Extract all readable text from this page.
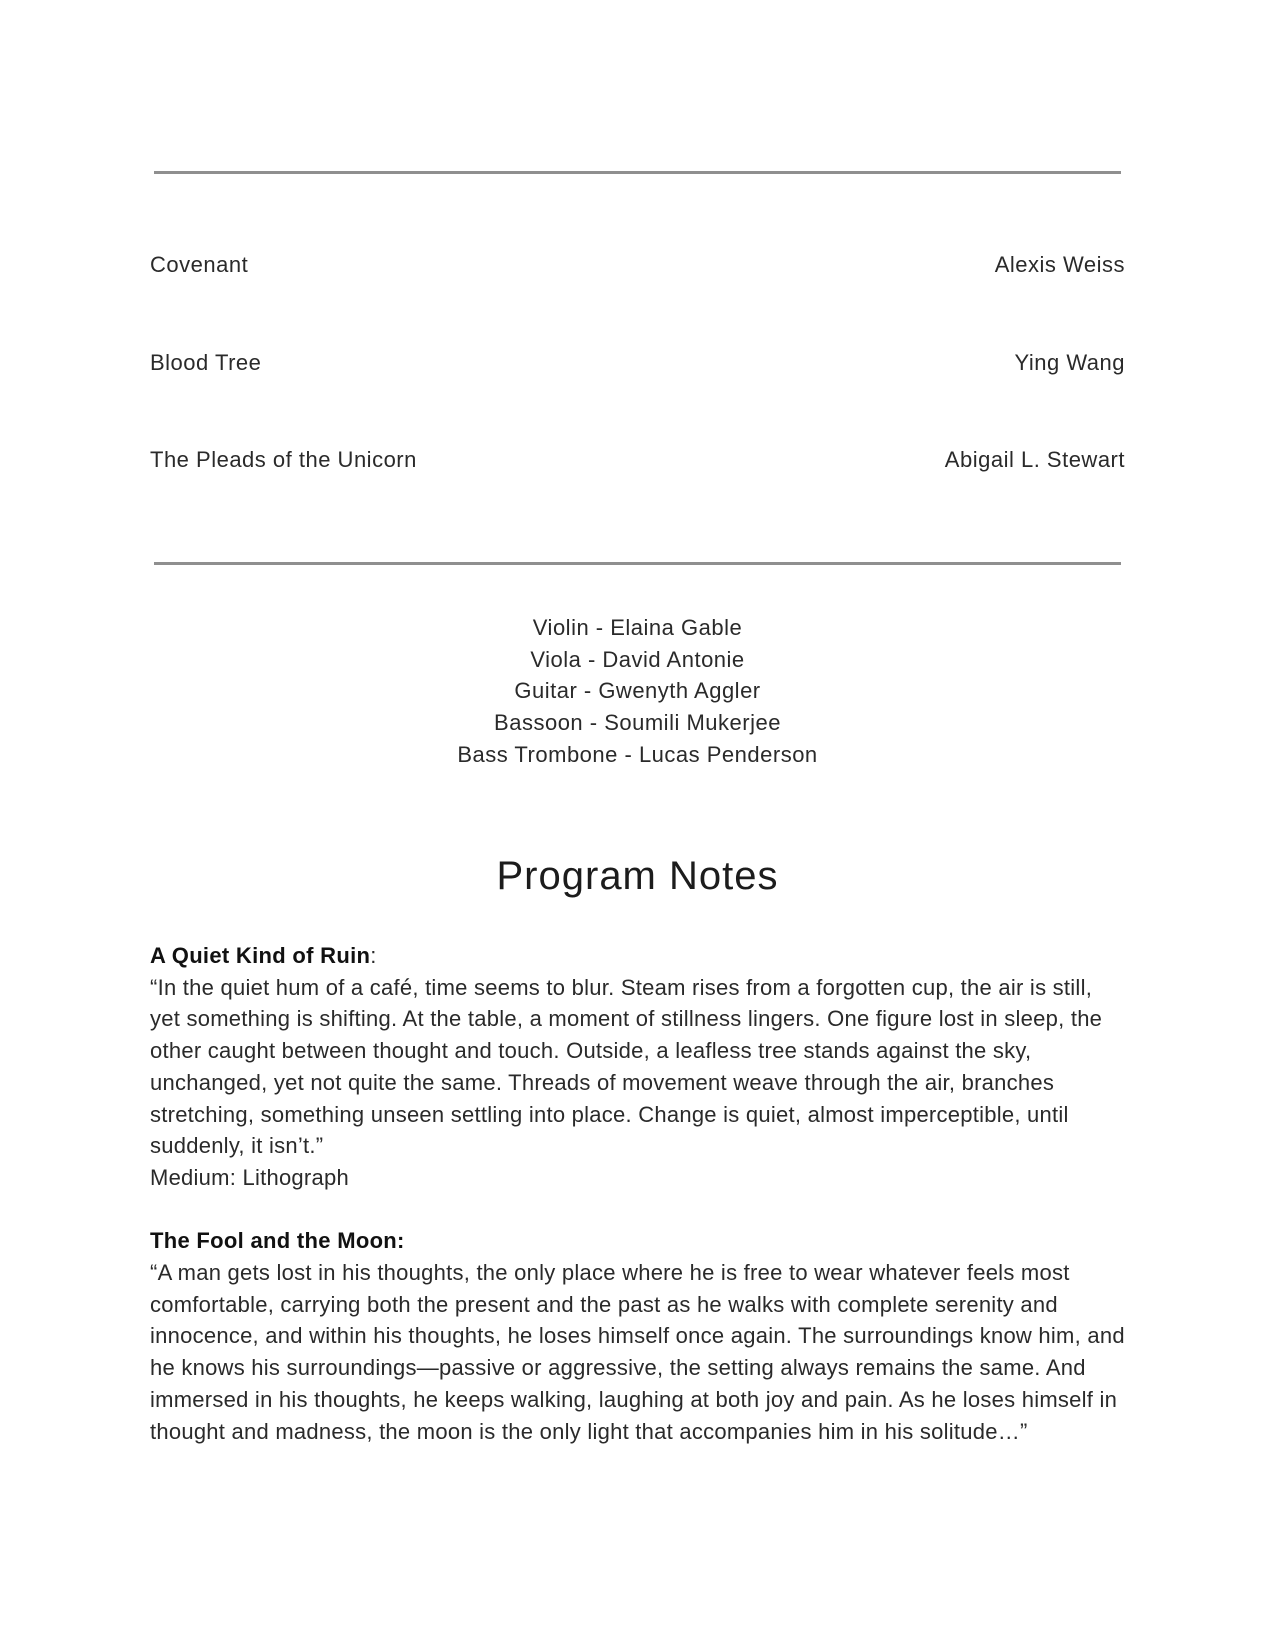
Covenant	Alexis Weiss
Blood Tree	Ying Wang
The Pleads of the Unicorn	Abigail L. Stewart
Violin - Elaina Gable
Viola - David Antonie
Guitar - Gwenyth Aggler
Bassoon - Soumili Mukerjee
Bass Trombone - Lucas Penderson
Program Notes
A Quiet Kind of Ruin:

“In the quiet hum of a café, time seems to blur. Steam rises from a forgotten cup, the air is still, yet something is shifting. At the table, a moment of stillness lingers. One figure lost in sleep, the other caught between thought and touch. Outside, a leafless tree stands against the sky, unchanged, yet not quite the same. Threads of movement weave through the air, branches stretching, something unseen settling into place. Change is quiet, almost imperceptible, until suddenly, it isn’t.”

Medium: Lithograph
The Fool and the Moon:

“A man gets lost in his thoughts, the only place where he is free to wear whatever feels most comfortable, carrying both the present and the past as he walks with complete serenity and innocence, and within his thoughts, he loses himself once again. The surroundings know him, and he knows his surroundings—passive or aggressive, the setting always remains the same. And immersed in his thoughts, he keeps walking, laughing at both joy and pain. As he loses himself in thought and madness, the moon is the only light that accompanies him in his solitude…”
